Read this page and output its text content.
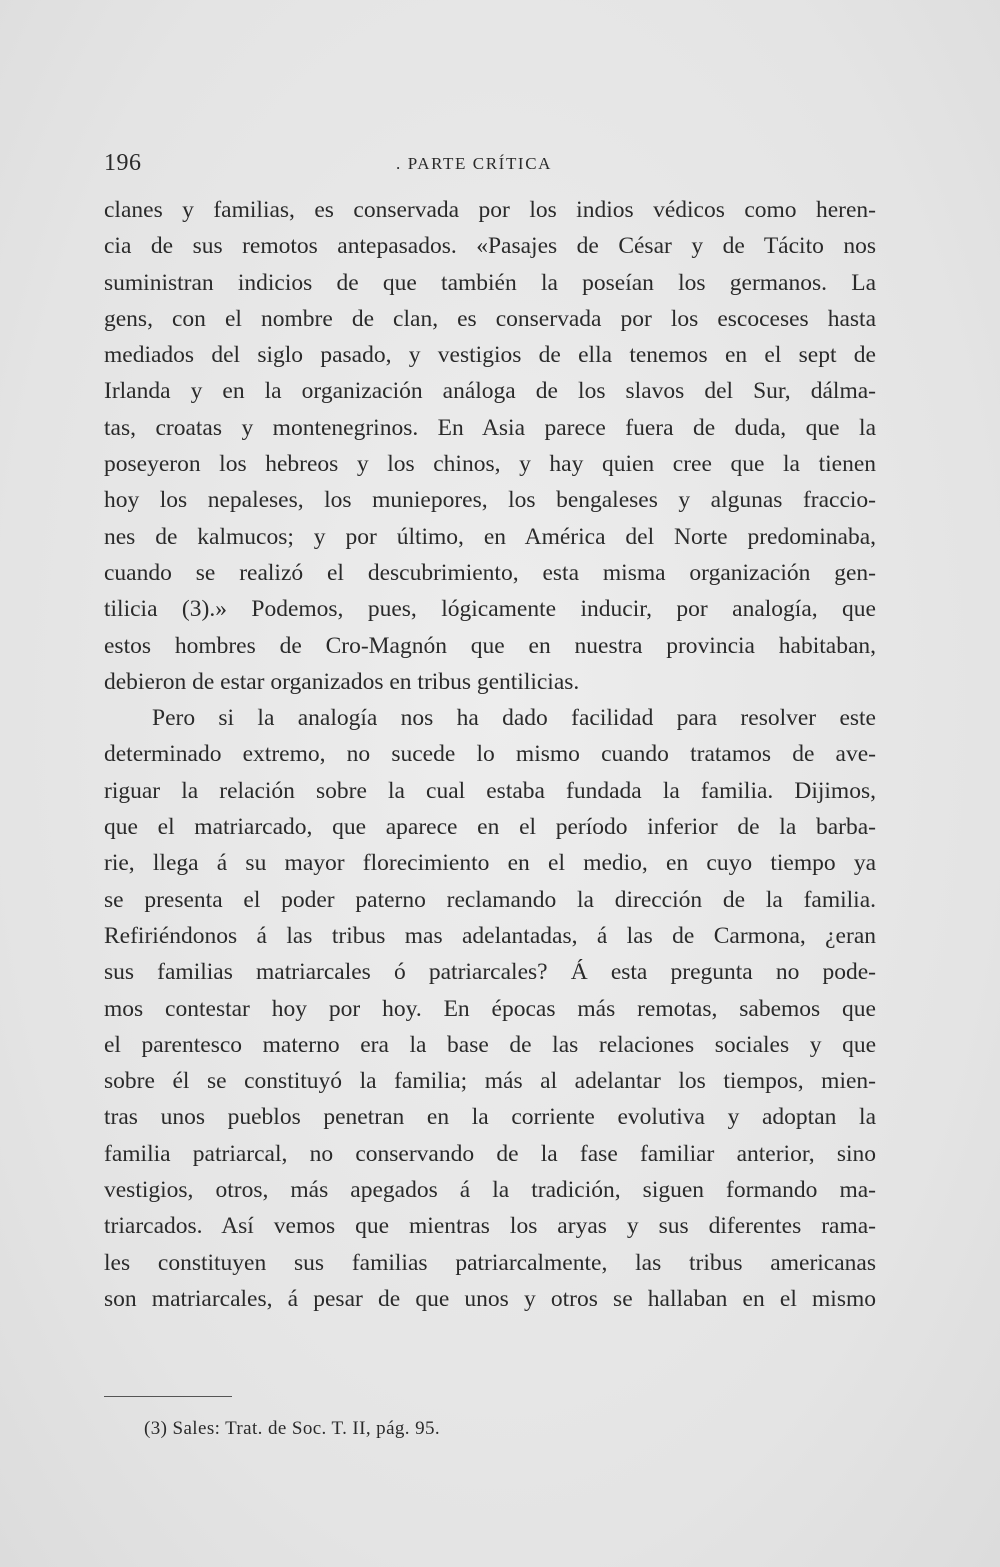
196	. PARTE CRÍTICA
clanes y familias, es conservada por los indios védicos como heren-
cia de sus remotos antepasados. «Pasajes de César y de Tácito nos
suministran indicios de que también la poseían los germanos. La
gens, con el nombre de clan, es conservada por los escoceses hasta
mediados del siglo pasado, y vestigios de ella tenemos en el sept de
Irlanda y en la organización análoga de los slavos del Sur, dálma-
tas, croatas y montenegrinos. En Asia parece fuera de duda, que la
poseyeron los hebreos y los chinos, y hay quien cree que la tienen
hoy los nepaleses, los muniepores, los bengaleses y algunas fraccio-
nes de kalmucos; y por último, en América del Norte predominaba,
cuando se realizó el descubrimiento, esta misma organización gen-
tilicia (3).» Podemos, pues, lógicamente inducir, por analogía, que
estos hombres de Cro-Magnón que en nuestra provincia habitaban,
debieron de estar organizados en tribus gentilicias.
Pero si la analogía nos ha dado facilidad para resolver este
determinado extremo, no sucede lo mismo cuando tratamos de ave-
riguar la relación sobre la cual estaba fundada la familia. Dijimos,
que el matriarcado, que aparece en el período inferior de la barba-
rie, llega á su mayor florecimiento en el medio, en cuyo tiempo ya
se presenta el poder paterno reclamando la dirección de la familia.
Refiriéndonos á las tribus mas adelantadas, á las de Carmona, ¿eran
sus familias matriarcales ó patriarcales? Á esta pregunta no pode-
mos contestar hoy por hoy. En épocas más remotas, sabemos que
el parentesco materno era la base de las relaciones sociales y que
sobre él se constituyó la familia; más al adelantar los tiempos, mien-
tras unos pueblos penetran en la corriente evolutiva y adoptan la
familia patriarcal, no conservando de la fase familiar anterior, sino
vestigios, otros, más apegados á la tradición, siguen formando ma-
triarcados. Así vemos que mientras los aryas y sus diferentes rama-
les constituyen sus familias patriarcalmente, las tribus americanas
son matriarcales, á pesar de que unos y otros se hallaban en el mismo
(3) Sales: Trat. de Soc. T. II, pág. 95.
